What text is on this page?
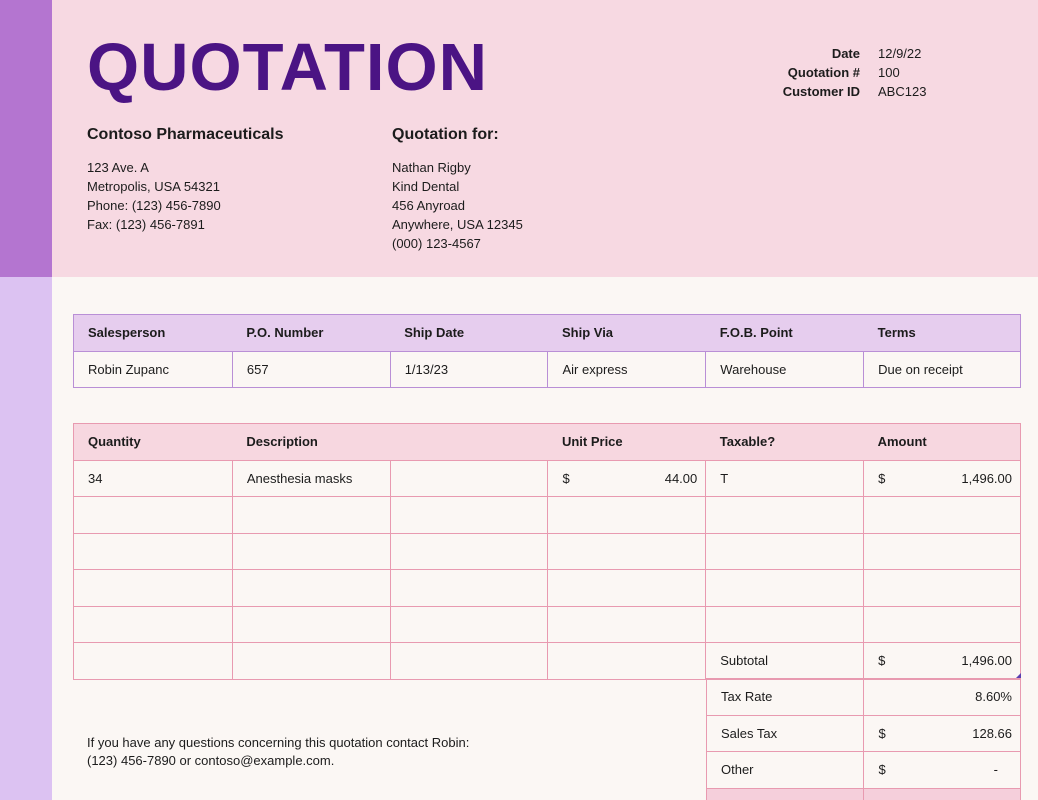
QUOTATION	Date 12/9/22
Quotation # 100
Customer ID ABC123
Contoso Pharmaceuticals
123 Ave. A
Metropolis, USA 54321
Phone: (123) 456-7890
Fax: (123) 456-7891
Quotation for:
Nathan Rigby
Kind Dental
456 Anyroad
Anywhere, USA 12345
(000) 123-4567
Salesperson	P.O. Number	Ship Date	Ship Via	F.O.B. Point	Terms
Robin Zupanc	657	1/13/23	Air express	Warehouse	Due on receipt
Quantity	Description		Unit Price	Taxable?	Amount
34	Anesthesia masks		$ 44.00	T	$ 1,496.00

				Subtotal	$ 1,496.00
Tax Rate	8.60%
Sales Tax	$ 128.66

Other	$ -

If you have any questions concerning this quotation contact Robin:
(123) 456-7890 or contoso@example.com.
